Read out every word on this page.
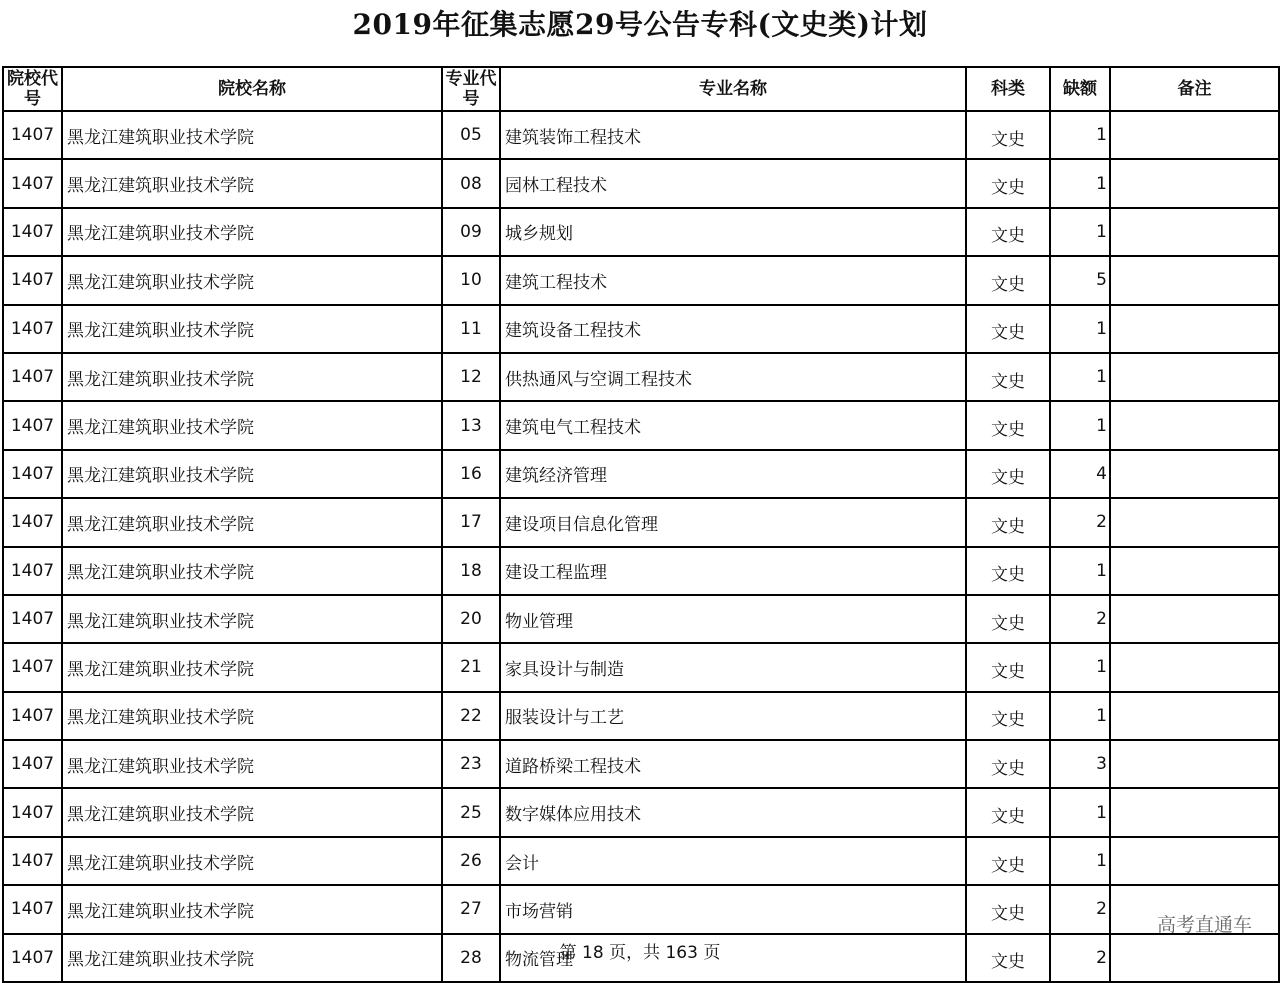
2019年征集志愿29号公告专科(文史类)计划
院校代号	院校名称	专业代号	专业名称	科类	缺额	备注
1407	黑龙江建筑职业技术学院	05	建筑装饰工程技术	文史	1	
1407	黑龙江建筑职业技术学院	08	园林工程技术	文史	1	
1407	黑龙江建筑职业技术学院	09	城乡规划	文史	1	
1407	黑龙江建筑职业技术学院	10	建筑工程技术	文史	5	
1407	黑龙江建筑职业技术学院	11	建筑设备工程技术	文史	1	
1407	黑龙江建筑职业技术学院	12	供热通风与空调工程技术	文史	1	
1407	黑龙江建筑职业技术学院	13	建筑电气工程技术	文史	1	
1407	黑龙江建筑职业技术学院	16	建筑经济管理	文史	4	
1407	黑龙江建筑职业技术学院	17	建设项目信息化管理	文史	2	
1407	黑龙江建筑职业技术学院	18	建设工程监理	文史	1	
1407	黑龙江建筑职业技术学院	20	物业管理	文史	2	
1407	黑龙江建筑职业技术学院	21	家具设计与制造	文史	1	
1407	黑龙江建筑职业技术学院	22	服装设计与工艺	文史	1	
1407	黑龙江建筑职业技术学院	23	道路桥梁工程技术	文史	3	
1407	黑龙江建筑职业技术学院	25	数字媒体应用技术	文史	1	
1407	黑龙江建筑职业技术学院	26	会计	文史	1	
1407	黑龙江建筑职业技术学院	27	市场营销	文史	2	
1407	黑龙江建筑职业技术学院	28	物流管理	文史	2	
高考直通车
第 18 页，共 163 页
